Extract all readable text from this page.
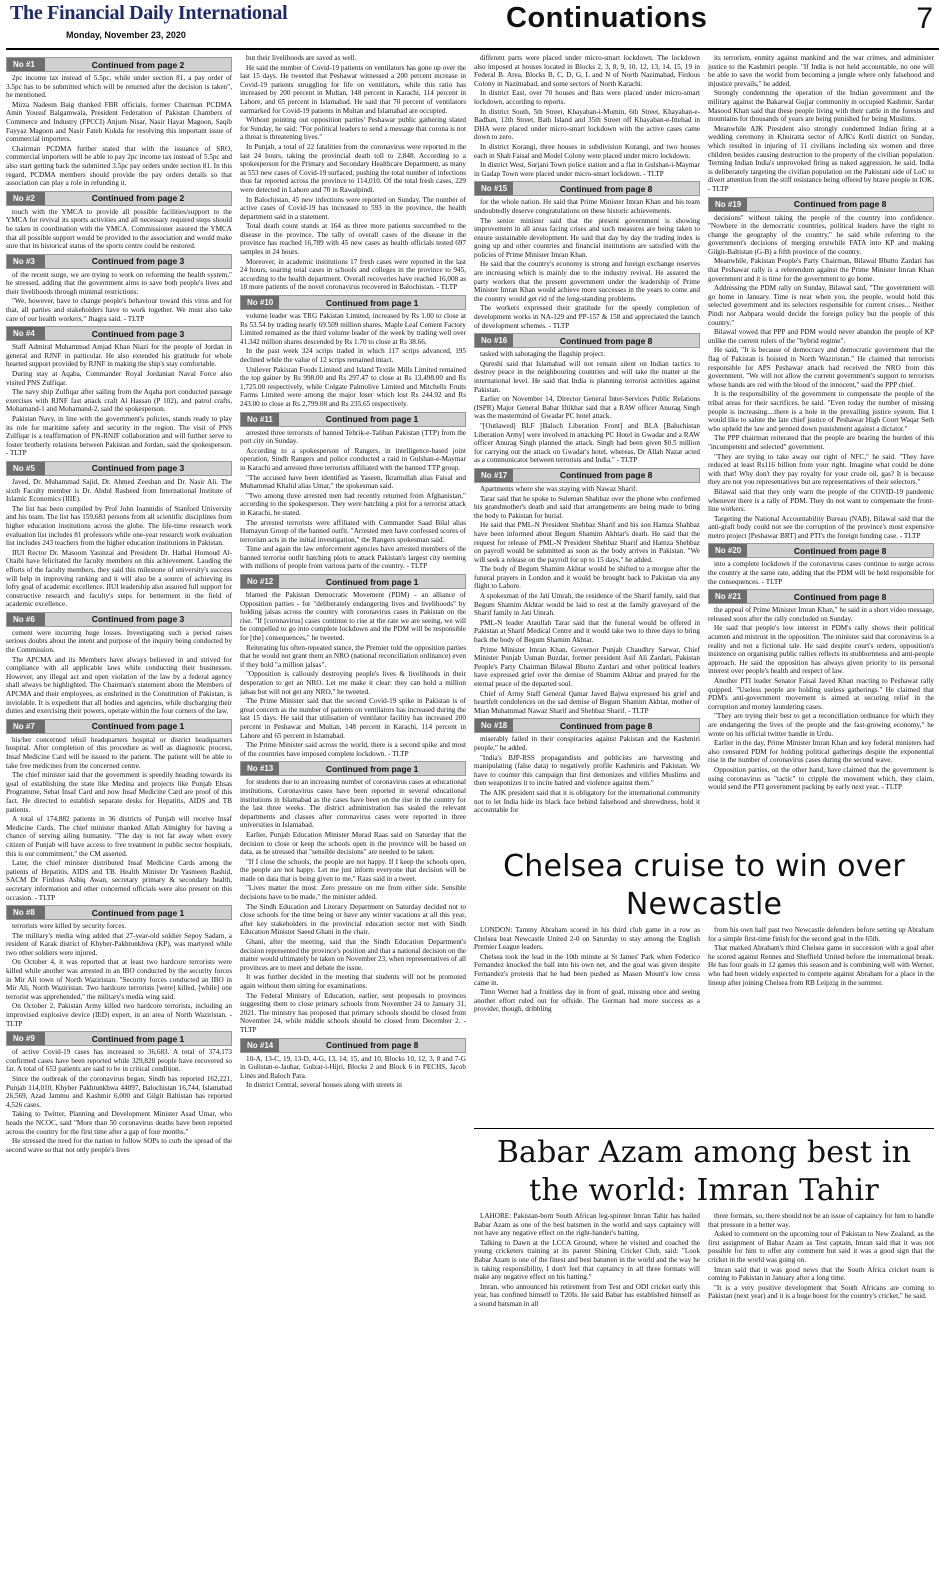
The Financial Daily International
Monday, November 23, 2020
Continuations	7
No #1	Continued from page 2

2pc income tax instead of 5.5pc, while under section 81, a pay order of 3.5pc has to be submitted which will be returned after the decision is taken", he mentioned.

Mirza Nadeem Baig thanked FBR officials, former Chairman PCDMA Amin Yousuf Balgamwala, President Federation of Pakistan Chambers of Commerce and Industry (FPCCI) Anjum Nisar, Nasir Hayat Magoon, Saqib Fayyaz Magoon and Nasir Fateh Kukda for resolving this important issue of commercial importers.

Chairman PCDMA further stated that with the issuance of SRO, commercial importers will be able to pay 2pc income tax instead of 5.5pc and also start getting back the submitted 3.5pc pay orders under section 81. In this regard, PCDMA members should provide the pay orders details so that association can play a role in refunding it.

No #2	Continued from page 2

touch with the YMCA to provide all possible facilities/support to the YMCA for revival its sports activities and all necessary required steps should be taken in coordination with the YMCA. Commissioner assured the YMCA that all possible support would be provided to the association and would make sure that its historical status of the sports centre could be restored.

No #3	Continued from page 3

of the recent surge, we are trying to work on reforming the health system," he stressed, adding that the government aims to save both people's lives and their livelihoods through minimal restrictions.

"We, however, have to change people's behaviour toward this virus and for that, all parties and stakeholders have to work together. We must also take care of our health workers," Jhagra said. - TLTP

No #4	Continued from page 3

Staff Admiral Muhammad Amjad Khan Niazi for the people of Jordan in general and RJNF in particular. He also extended his gratitude for whole hearted support provided by RJNF in making the ship's stay comfortable.

During stay at Aqaba, Commander Royal Jordanian Naval Force also visited PNS Zulfiqar.

The navy ship Zulfiqar after sailing from the Aqaba port conducted passage exercises with RJNF fast attack craft Al Hassan (P 102), and patrol crafts, Mohamand-1 and Mohamand-2, said the spokesperson.

Pakistan Navy, in line with the government's policies, stands ready to play its role for maritime safety and security in the region. The visit of PNS Zulfiqar is a reaffirmation of PN-RNJF collaboration and will further serve to foster brotherly relations between Pakistan and Jordan, said the spokesperson. - TLTP

No #5	Continued from page 3

Javed, Dr. Muhammad Sajid, Dr. Ahmed Zeeshan and Dr. Nasir Ali. The sixth Faculty member is Dr. Abdul Rasheed from International Institute of Islamic Economics (IIIE).

The list has been compiled by Prof John Ioannidis of Stanford University and his team. The list has 159,683 persons from all scientific disciplines from higher education institutions across the globe. The life-time research work evaluation list includes 81 professors while one-year research work evaluation list includes 243 teachers from the higher education institutions in Pakistan.

IIUI Rector Dr. Masoom Yasinzai and President Dr. Hathal Homoud Al-Otaibi have felicitated the faculty members on this achievement. Lauding the efforts of the faculty members, they said this milestone of university's success will help in improving ranking and it will also be a source of achieving its lofty goal of academic excellence. IIUI leadership also assured full support for constructive research and faculty's steps for betterment in the field of academic excellence.

No #6	Continued from page 3

cement were incurring huge losses. Investigating such a period raises serious doubts about the intent and purpose of the inquiry being conducted by the Commission.

The APCMA and its Members have always believed in and strived for compliance with all applicable laws while conducting their businesses. However, any illegal act and open violation of the law by a federal agency shall always be highlighted. The Chairman's statement about the Members of APCMA and their employees, as enshrined in the Constitution of Pakistan, is inviolable. It is expedient that all bodies and agencies, while discharging their duties and exercising their powers, operate within the four corners of the law.

No #7	Continued from page 1

his/her concerned tehsil headquarters hospital or district headquarters hospital. After completion of this procedure as well as diagnostic process, Insaf Medicine Card will be issued to the patient. The patient will be able to take free medicines from the concerned centre.

The chief minister said that the government is speedily heading towards its goal of establishing the state like Medina and projects like Punjab Ehsas Programme, Sehat Insaf Card and now Insaf Medicine Card are proof of this fact. He directed to establish separate desks for Hepatitis, AIDS and TB patients.

A total of 174,882 patients in 36 districts of Punjab will receive Insaf Medicine Cards. The chief minister thanked Allah Almighty for having a chance of serving ailing humanity. "The day is not far away when every citizen of Punjab will have access to free treatment in public sector hospitals, this is our commitment," the CM asserted.

Later, the chief minister distributed Insaf Medicine Cards among the patients of Hepatitis, AIDS and TB. Health Minister Dr Yasmeen Rashid, SACM Dr Firdous Ashiq Awan, secretary primary & secondary health, secretary information and other concerned officials were also present on this occasion. - TLTP

No #8	Continued from page 1

terrorists were killed by security forces.

The military's media wing added that 27-year-old soldier Sepoy Sadam, a resident of Karak district of Khyber-Pakhtunkhwa (KP), was martyred while two other soldiers were injured.

On October 4, it was reported that at least two hardcore terrorists were killed while another was arrested in an IBO conducted by the security forces in Mir Ali town of North Waziristan. "Security forces conducted an IBO in Mir Ali, North Waziristan. Two hardcore terrorists [were] killed, [while] one terrorist was apprehended," the military's media wing said.

On October 2, Pakistan Army killed two hardcore terrorists, including an improvised explosive device (IED) expert, in an area of North Waziristan. - TLTP

No #9	Continued from page 1

of active Covid-19 cases has increased to 36,683. A total of 374,173 confirmed cases have been reported while 329,828 people have recovered so far. A total of 653 patients are said to be in critical condition.

Since the outbreak of the coronavirus began, Sindh has reported 162,221, Punjab 114,010, Khyber Pakhtunkhwa 44097, Balochistan 16,744, Islamabad 26,569, Azad Jammu and Kashmir 6,000 and Gilgit Baltistan has reported 4,526 cases.

Taking to Twitter, Planning and Development Minister Asad Umar, who heads the NCOC, said "More than 50 coronavirus deaths have been reported across the country for the first time after a gap of four months."

He stressed the need for the nation to follow SOPs to curb the spread of the second wave so that not only people's lives

but their livelihoods are saved as well.

He said the number of Covid-19 patients on ventilators has gone up over the last 15 days. He tweeted that Peshawar witnessed a 200 percent increase in Covid-19 patients struggling for life on ventilators, while this ratio has increased by 200 percent in Multan, 148 percent in Karachi, 114 percent in Lahore, and 65 percent in Islamabad. He said that 70 percent of ventilators earmarked for Covid-19 patients in Multan and Islamabad are occupied.

Without pointing out opposition parties' Peshawar public gathering slated for Sunday, he said: "For political leaders to send a message that corona is not a threat is threatening lives."

In Punjab, a total of 22 fatalities from the coronavirus were reported in the last 24 hours, taking the provincial death toll to 2,848. According to a spokesperson for the Primary and Secondary Healthcare Department, as many as 553 new cases of Covid-19 surfaced, pushing the total number of infections thus far reported across the province to 114,010. Of the total fresh cases, 229 were detected in Lahore and 70 in Rawalpindi.

In Balochistan, 45 new infections were reported on Sunday. The number of active cases of Covid-19 has increased to 593 in the province, the health department said in a statement.

Total death count stands at 164 as three more patients succumbed to the disease in the province. The tally of overall cases of the disease in the province has reached 16,789 with 45 new cases as health officials tested 697 samples in 24 hours.

Moreover, in academic institutions 17 fresh cases were reported in the last 24 hours, soaring total cases in schools and colleges in the province to 945, according to the health department. Overall recoveries have reached 16,008 as 18 more patients of the novel coronavirus recovered in Balochistan. - TLTP

No #10	Continued from page 1

volume leader was TRG Pakistan Limited, increased by Rs 1.00 to close at Rs 53.54 by trading nearly 69.509 million shares. Maple Leaf Cement Factory Limited remained as the third volume leader of the week by trading well over 41.342 million shares descended by Rs 1.70 to close at Rs 38.66.

In the past week 324 scrips traded in which 117 scrips advanced, 195 declined while the value of 12 scrips remained intact.

Unilever Pakistan Foods Limited and Island Textile Mills Limited remained the top gainer by Rs 998.00 and Rs 297.47 to close at Rs 13,498.00 and Rs 1,725.00 respectively, while Colgate Palmolive Limited and Mitchells Fruits Farms Limited were among the major loser which lost Rs 244.92 and Rs 243.00 to close at Rs 2,799.08 and Rs 235.65 respectively.

No #11	Continued from page 1

arrested three terrorists of banned Tehrik-e-Taliban Pakistan (TTP) from the port city on Sunday.

According to a spokesperson of Rangers, in intelligence-based joint operation, Sindh Rangers and police conducted a raid in Gulshan-e-Maymar in Karachi and arrested three terrorists affiliated with the banned TTP group.

"The accused have been identified as Yaseen, Ikramullah alias Faisal and Muhammad Khalid alias Umar," the spokesman said.

"Two among three arrested men had recently returned from Afghanistan," according to the spokesperson. They were hatching a plot for a terrorist attack in Karachi, he stated.

The arrested terrorists were affiliated with Commander Saad Bilal alias Humayun Group of the banned outfit. "Arrested men have confessed scores of terrorism acts in the initial investigation," the Rangers spokesman said.

Time and again the law enforcement agencies have arrested members of the banned terrorist outfit hatching plots to attack Pakistan's largest city teeming with millions of people from various parts of the country. - TLTP

No #12	Continued from page 1

blamed the Pakistan Democratic Movement (PDM) - an alliance of Opposition parties - for "deliberately endangering lives and livelihoods" by holding jalsas across the country with coronavirus cases in Pakistan on the rise. "If [coronavirus] cases continue to rise at the rate we are seeing, we will be compelled to go into complete lockdown and the PDM will be responsible for [the] consequences," he tweeted.

Reiterating his often-repeated stance, the Premier told the opposition parties that he would not grant them an NRO (national reconciliation ordinance) even if they hold "a million jalsas".

"Opposition is callously destroying people's lives & livelihoods in their desperation to get an NRO. Let me make it clear: they can hold a million jalsas but will not get any NRO," he tweeted.

The Prime Minister said that the second Covid-19 spike in Pakistan is of great concern as the number of patients on ventilators has increased during the last 15 days. He said that utilisation of ventilator facility has increased 200 percent in Peshawar and Multan, 148 percent in Karachi, 114 percent in Lahore and 65 percent in Islamabad.

The Prime Minister said across the world, there is a second spike and most of the countries have imposed complete lockdown. - TLTP

No #13	Continued from page 1

for students due to an increasing number of coronavirus cases at educational institutions. Coronavirus cases have been reported in several educational institutions in Islamabad as the cases have been on the rise in the country for the last three weeks. The district administration has sealed the relevant departments and classes after coronavirus cases were reported in three universities in Islamabad.

Earlier, Punjab Education Minister Murad Raas said on Saturday that the decision to close or keep the schools open in the province will be based on data, as he stressed that "sensible decisions" are needed to be taken.

"If I close the schools, the people are not happy. If I keep the schools open, the people are not happy. Let me just inform everyone that decision will be made on data that is being given to me," Raas said in a tweet.

"Lives matter the most. Zero pressure on me from either side. Sensible decisions have to be made," the minister added.

The Sindh Education and Literacy Department on Saturday decided not to close schools for the time being or have any winter vacations at all this year, after key stakeholders in the provincial education sector met with Sindh Education Minister Saeed Ghani in the chair.

Ghani, after the meeting, said that the Sindh Education Department's decision represented the province's position and that a national decision on the matter would ultimately be taken on November 23, when representatives of all provinces are to meet and debate the issue.

It was further decided in the meeting that students will not be promoted again without them sitting for examinations.

The Federal Ministry of Education, earlier, sent proposals to provinces suggesting them to close primary schools from November 24 to January 31, 2021. The ministry has proposed that primary schools should be closed from November 24, while middle schools should be closed from December 2. - TLTP

No #14	Continued from page 8

10-A, 13-C, 19, 13-D, 4-G, 13, 14, 15, and 10, Blocks 10, 12, 3, 8 and 7-G in Gulistan-e-Jauhar, Gulzar-i-Hijri, Blocks 2 and Block 6 in PECHS, Jacob Lines and Baloch Para.

In district Central, several houses along with streets in

different parts were placed under micro-smart lockdown. The lockdown also imposed at houses located in Blocks 2, 3, 8, 9, 10, 12, 13, 14, 15, 19 in Federal B. Area, Blocks B, C, D, G, L and N of North Nazimabad, Firdous Colony in Nazimabad, and some sectors of North Karachi.

In district East, over 70 houses and flats were placed under micro-smart lockdown, according to reports.

In district South, 5th Street, Khayaban-i-Momin, 6th Street, Khayaban-e-Badban, 12th Street, Bath Island and 35th Street off Khayaban-e-Ittehad in DHA were placed under micro-smart lockdown with the active cases came down to zero.

In district Korangi, three houses in subdivision Korangi, and two houses each in Shah Faisal and Model Colony were placed under micro lockdown.

In district West, Surjani Town police station and a flat in Gulshan-i-Maymar in Gadap Town were placed under micro-smart lockdown. - TLTP

No #15	Continued from page 8

for the whole nation. He said that Prime Minister Imran Khan and his team undoubtedly deserve congratulations on these historic achievements.

The senior minister said that the present government is showing improvement in all areas facing crises and such measures are being taken to ensure sustainable development. He said that day by day the trading index is going up and other countries and financial institutions are satisfied with the policies of Prime Minister Imran Khan.

He said that the country's economy is strong and foreign exchange reserves are increasing which is mainly due to the industry revival. He assured the party workers that the present government under the leadership of Prime Minister Imran Khan would achieve more successes in the years to come and the country would get rid of the long-standing problems.

The workers expressed their gratitude for the speedy completion of development works in NA-129 and PP-157 & 158 and appreciated the launch of development schemes. - TLTP

No #16	Continued from page 8

tasked with sabotaging the flagship project.

Qureshi said that Islamabad will not remain silent on Indian tactics to destroy peace in the neighbouring countries and will take the matter at the international level. He said that India is planning terrorist activities against Pakistan.

Earlier on November 14, Director General Inter-Services Public Relations (ISPR) Major General Babar Iftikhar said that a RAW officer Anurag Singh was the mastermind of Gwadar PC hotel attack.

"[Outlawed] BLF [Baloch Liberation Front] and BLA [Baluchistan Liberation Army] were involved in attacking PC Hotel in Gwadar and a RAW officer Anurag Singh planned the attack. Singh had been given $0.5 million for carrying out the attack on Gwadar's hotel, whereas, Dr Allah Nazar acted as a communicator between terrorists and India." - TLTP

No #17	Continued from page 8

Apartments where she was staying with Nawaz Sharif.

Tarar said that he spoke to Suleman Shahbaz over the phone who confirmed his grandmother's death and said that arrangements are being made to bring the body to Pakistan for burial.

He said that PML-N President Shehbaz Sharif and his son Hamza Shahbaz have been informed about Begum Shamim Akhtar's death. He said that the request for release of PML-N President Shehbaz Sharif and Hamza Shehbaz on payroll would be submitted as soon as the body arrives in Pakistan. "We will seek a release on the payroll for up to 15 days," he added.

The body of Begum Shamim Akhtar would be shifted to a morgue after the funeral prayers in London and it would be brought back to Pakistan via any flight to Lahore.

A spokesman of the Jati Umrah, the residence of the Sharif family, said that Begum Shamim Akhtar would be laid to rest at the family graveyard of the Sharif family in Jati Umrah.

PML-N leader Ataullah Tarar said that the funeral would be offered in Pakistan at Sharif Medical Centre and it would take two to three days to bring back the body of Begum Shamim Akhtar.

Prime Minister Imran Khan, Governor Punjab Chaudhry Sarwar, Chief Minister Punjab Usman Buzdar, former president Asif Ali Zardari, Pakistan People's Party Chairman Bilawal Bhutto Zardari and other political leaders have expressed grief over the demise of Shamim Akhtar and prayed for the eternal peace of the departed soul.

Chief of Army Staff General Qamar Javed Bajwa expressed his grief and heartfelt condolences on the sad demise of Begum Shamim Akhtar, mother of Mian Muhammad Nawaz Sharif and Shehbaz Sharif. - TLTP

No #18	Continued from page 8

miserably failed in their conspiracies against Pakistan and the Kashmiri people," he added.

"India's BJP-RSS propagandists and publicists are harvesting and manipulating (false data) to negatively profile Kashmiris and Pakistan. We have to counter this campaign that first demonizes and vilifies Muslims and then weaponizes it to incite hatred and violence against them."

The AJK president said that it is obligatory for the international community not to let India hide its black face behind falsehood and shrewdness, hold it accountable for

its terrorism, enmity against mankind and the war crimes, and administer justice to the Kashmiri people. "If India is not held accountable, no one will be able to save the world from becoming a jungle where only falsehood and injustice prevails," he added.

Strongly condemning the operation of the Indian government and the military against the Bakarwal Gujjar community in occupied Kashmir, Sardar Masood Khan said that these people living with their cattle in the forests and mountains for thousands of years are being punished for being Muslims.

Meanwhile AJK President also strongly condemned Indian firing at a wedding ceremony in Khuiratta sector of AJK's Kotli district on Sunday, which resulted in injuring of 11 civilians including six women and three children besides causing destruction to the property of the civilian population. Terming Indian India's unprovoked firing as naked aggression, he said, India is deliberately targeting the civilian population on the Pakistani side of LoC to divert attention from the stiff resistance being offered by brave people in IOK. - TLTP

No #19	Continued from page 8

decisions" without taking the people of the country into confidence. "Nowhere in the democratic countries, political leaders have the right to change the geography of the country," he said while referring to the government's decisions of merging erstwhile FATA into KP and making Gilgit-Baltistan (G-B) a fifth province of the country.

Meanwhile, Pakistan People's Party Chairman, Bilawal Bhutto Zardari has that Peshawar rally is a referendum against the Prime Minister Imran Khan government and it is time for the government to go home.

Addressing the PDM rally on Sunday, Bilawal said, "The government will go home in January. Time is near when you, the people, would hold this selected government and its selectors responsible for current crises... Neither Pindi nor Aabpara would decide the foreign policy but the people of this country."

Bilawal vowed that PPP and PDM would never abandon the people of KP unlike the current rulers of the "hybrid regime".

He said, "It is because of democracy and democratic government that the flag of Pakistan is hoisted in North Waziristan." He claimed that terrorists responsible for APS Peshawar attack had received the NRO from this government. "We will not allow the current government's support to terrorists whose hands are red with the blood of the innocent," said the PPP chief.

It is the responsibility of the government to compensate the people of the tribal areas for their sacrifices, he said. "Even today the number of missing people is increasing....there is a hole in the prevailing justice system. But I would like to salute the late chief justice of Peshawar High Court Waqar Seth who upheld the law and penned down punishment against a dictator."

The PPP chairman reiterated that the people are bearing the burden of this "incompetent and selected" government.

"They are trying to take away our right of NFC," he said. "They have reduced at least Rs116 billion from your right. Imagine what could be done with that! Why don't they pay royalty for your crude oil, gas? It is because they are not you representatives but are representatives of their selectors."

Bilawal said that they only warn the people of the COVID-19 pandemic whenever there is a rally of PDM. They do not want to compensate the front-line workers.

Targeting the National Accountability Bureau (NAB), Bilawal said that the anti-graft body could not see the corruption of the province's most expensive metro project [Peshawar BRT] and PTI's the foreign funding case. - TLTP

No #20	Continued from page 8

into a complete lockdown if the coronavirus cases continue to surge across the country at the same rate, adding that the PDM will be held responsible for the consequences. - TLTP

No #21	Continued from page 8

the appeal of Prime Minister Imran Khan," he said in a short video message, released soon after the rally concluded on Sunday.

He said that people's low interest in PDM's rally shows their political acumen and mistrust in the opposition. The minister said that coronavirus is a reality and not a fictional tale. He said despite court's orders, opposition's insistence on organising public rallies reflects its stubbornness and anti-people approach. He said the opposition has always given priority to its personal interest over people's health and respect of law.

Another PTI leader Senator Faisal Javed Khan reacting to Peshawar rally quipped. "Useless people are holding useless gatherings." He claimed that PDM's anti-government movement is aimed at securing relief in the corruption and money laundering cases.

"They are trying their best to get a reconciliation ordinance for which they are endangering the lives of the people and the fast-growing economy," he wrote on his official twitter handle in Urdu.

Earlier in the day, Prime Minister Imran Khan and key federal ministers had also censured PDM for holding political gatherings despite the exponential rise in the number of coronavirus cases during the second wave.

Opposition parties, on the other hand, have claimed that the government is using coronavirus as "tactic" to cripple the movement which, they claim, would send the PTI government packing by early next year. - TLTP

Chelsea cruise to win over Newcastle

LONDON: Tammy Abraham scored in his third club game in a row as Chelsea beat Newcastle United 2-0 on Saturday to stay among the English Premier League leaders.

Chelsea took the lead in the 10th minute at St James' Park when Federico Fernandez knocked the ball into his own net, and the goal was given despite Fernandez's protests that he had been pushed as Mason Mount's low cross came in.

Timo Werner had a fruitless day in front of goal, missing once and seeing another effort ruled out for offside. The German had more success as a provider, though, dribbling

from his own half past two Newcastle defenders before setting up Abraham for a simple first-time finish for the second goal in the 65th.

That marked Abraham's third Chelsea game in succession with a goal after he scored against Rennes and Sheffield United before the international break. He has four goals in 12 games this season and is combining well with Werner, who had been widely expected to compete against Abraham for a place in the lineup after joining Chelsea from RB Leipzig in the summer.

Babar Azam among best in the world: Imran Tahir

LAHORE: Pakistan-born South African leg-spinner Imran Tahir has hailed Babar Azam as one of the best batsmen in the world and says captaincy will not have any negative effect on the right-hander's batting.

Talking to Dawn at the LCCA Ground, where he visited and coached the young cricketers training at its parent Shining Cricket Club, said: "Look Babar Azam is one of the finest and best batsmen in the world and the way he is taking responsibility, I don't feel that captaincy in all three formats will make any negative effect on his batting."

Imran, who announced his retirement from Test and ODI cricket early this year, has confined himself to T20Is. He said Babar has established himself as a sound batsman in all

three formats, so, there should not be an issue of captaincy for him to handle that pressure in a better way.

Asked to comment on the upcoming tour of Pakistan to New Zealand, as the first assignment of Babar Azam as Test captain, Imran said that it was not possible for him to offer any comment but said it was a good sign that the cricket in the world was going on.

Imran said that it was good news that the South Africa cricket team is coming to Pakistan in January after a long time.

"It is a very positive development that South Africans are coming to Pakistan (next year) and it is a huge boost for the country's cricket," he said.
